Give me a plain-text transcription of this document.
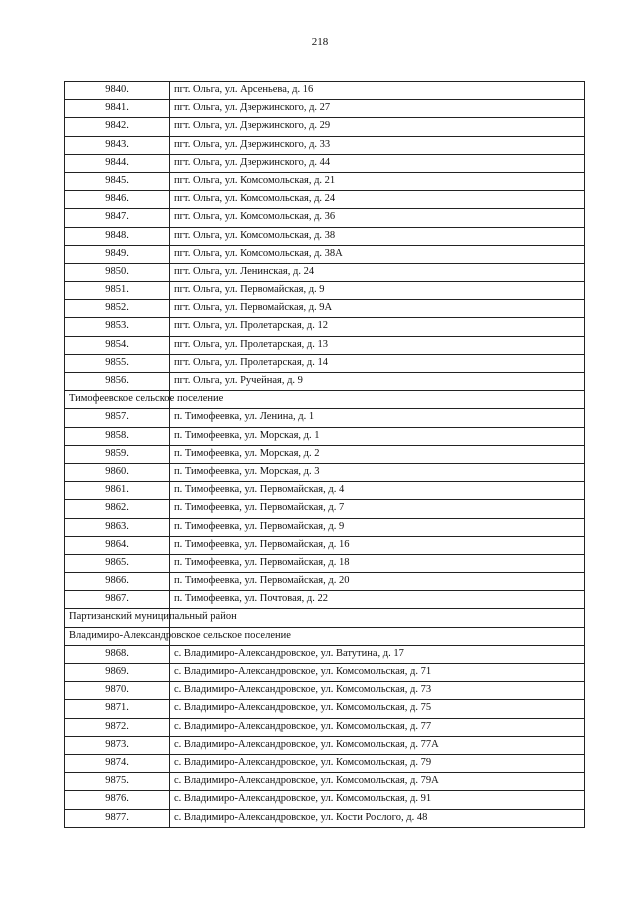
218
9840.	пгт. Ольга, ул. Арсеньева, д. 16
9841.	пгт. Ольга, ул. Дзержинского, д. 27
9842.	пгт. Ольга, ул. Дзержинского, д. 29
9843.	пгт. Ольга, ул. Дзержинского, д. 33
9844.	пгт. Ольга, ул. Дзержинского, д. 44
9845.	пгт. Ольга, ул. Комсомольская, д. 21
9846.	пгт. Ольга, ул. Комсомольская, д. 24
9847.	пгт. Ольга, ул. Комсомольская, д. 36
9848.	пгт. Ольга, ул. Комсомольская, д. 38
9849.	пгт. Ольга, ул. Комсомольская, д. 38А
9850.	пгт. Ольга, ул. Ленинская, д. 24
9851.	пгт. Ольга, ул. Первомайская, д. 9
9852.	пгт. Ольга, ул. Первомайская, д. 9А
9853.	пгт. Ольга, ул. Пролетарская, д. 12
9854.	пгт. Ольга, ул. Пролетарская, д. 13
9855.	пгт. Ольга, ул. Пролетарская, д. 14
9856.	пгт. Ольга, ул. Ручейная, д. 9
Тимофеевское сельское поселение	
9857.	п. Тимофеевка, ул. Ленина, д. 1
9858.	п. Тимофеевка, ул. Морская, д. 1
9859.	п. Тимофеевка, ул. Морская, д. 2
9860.	п. Тимофеевка, ул. Морская, д. 3
9861.	п. Тимофеевка, ул. Первомайская, д. 4
9862.	п. Тимофеевка, ул. Первомайская, д. 7
9863.	п. Тимофеевка, ул. Первомайская, д. 9
9864.	п. Тимофеевка, ул. Первомайская, д. 16
9865.	п. Тимофеевка, ул. Первомайская, д. 18
9866.	п. Тимофеевка, ул. Первомайская, д. 20
9867.	п. Тимофеевка, ул. Почтовая, д. 22
Партизанский муниципальный район	
Владимиро-Александровское сельское поселение	
9868.	с. Владимиро-Александровское, ул. Ватутина, д. 17
9869.	с. Владимиро-Александровское, ул. Комсомольская, д. 71
9870.	с. Владимиро-Александровское, ул. Комсомольская, д. 73
9871.	с. Владимиро-Александровское, ул. Комсомольская, д. 75
9872.	с. Владимиро-Александровское, ул. Комсомольская, д. 77
9873.	с. Владимиро-Александровское, ул. Комсомольская, д. 77А
9874.	с. Владимиро-Александровское, ул. Комсомольская, д. 79
9875.	с. Владимиро-Александровское, ул. Комсомольская, д. 79А
9876.	с. Владимиро-Александровское, ул. Комсомольская, д. 91
9877.	с. Владимиро-Александровское, ул. Кости Рослого, д. 48
